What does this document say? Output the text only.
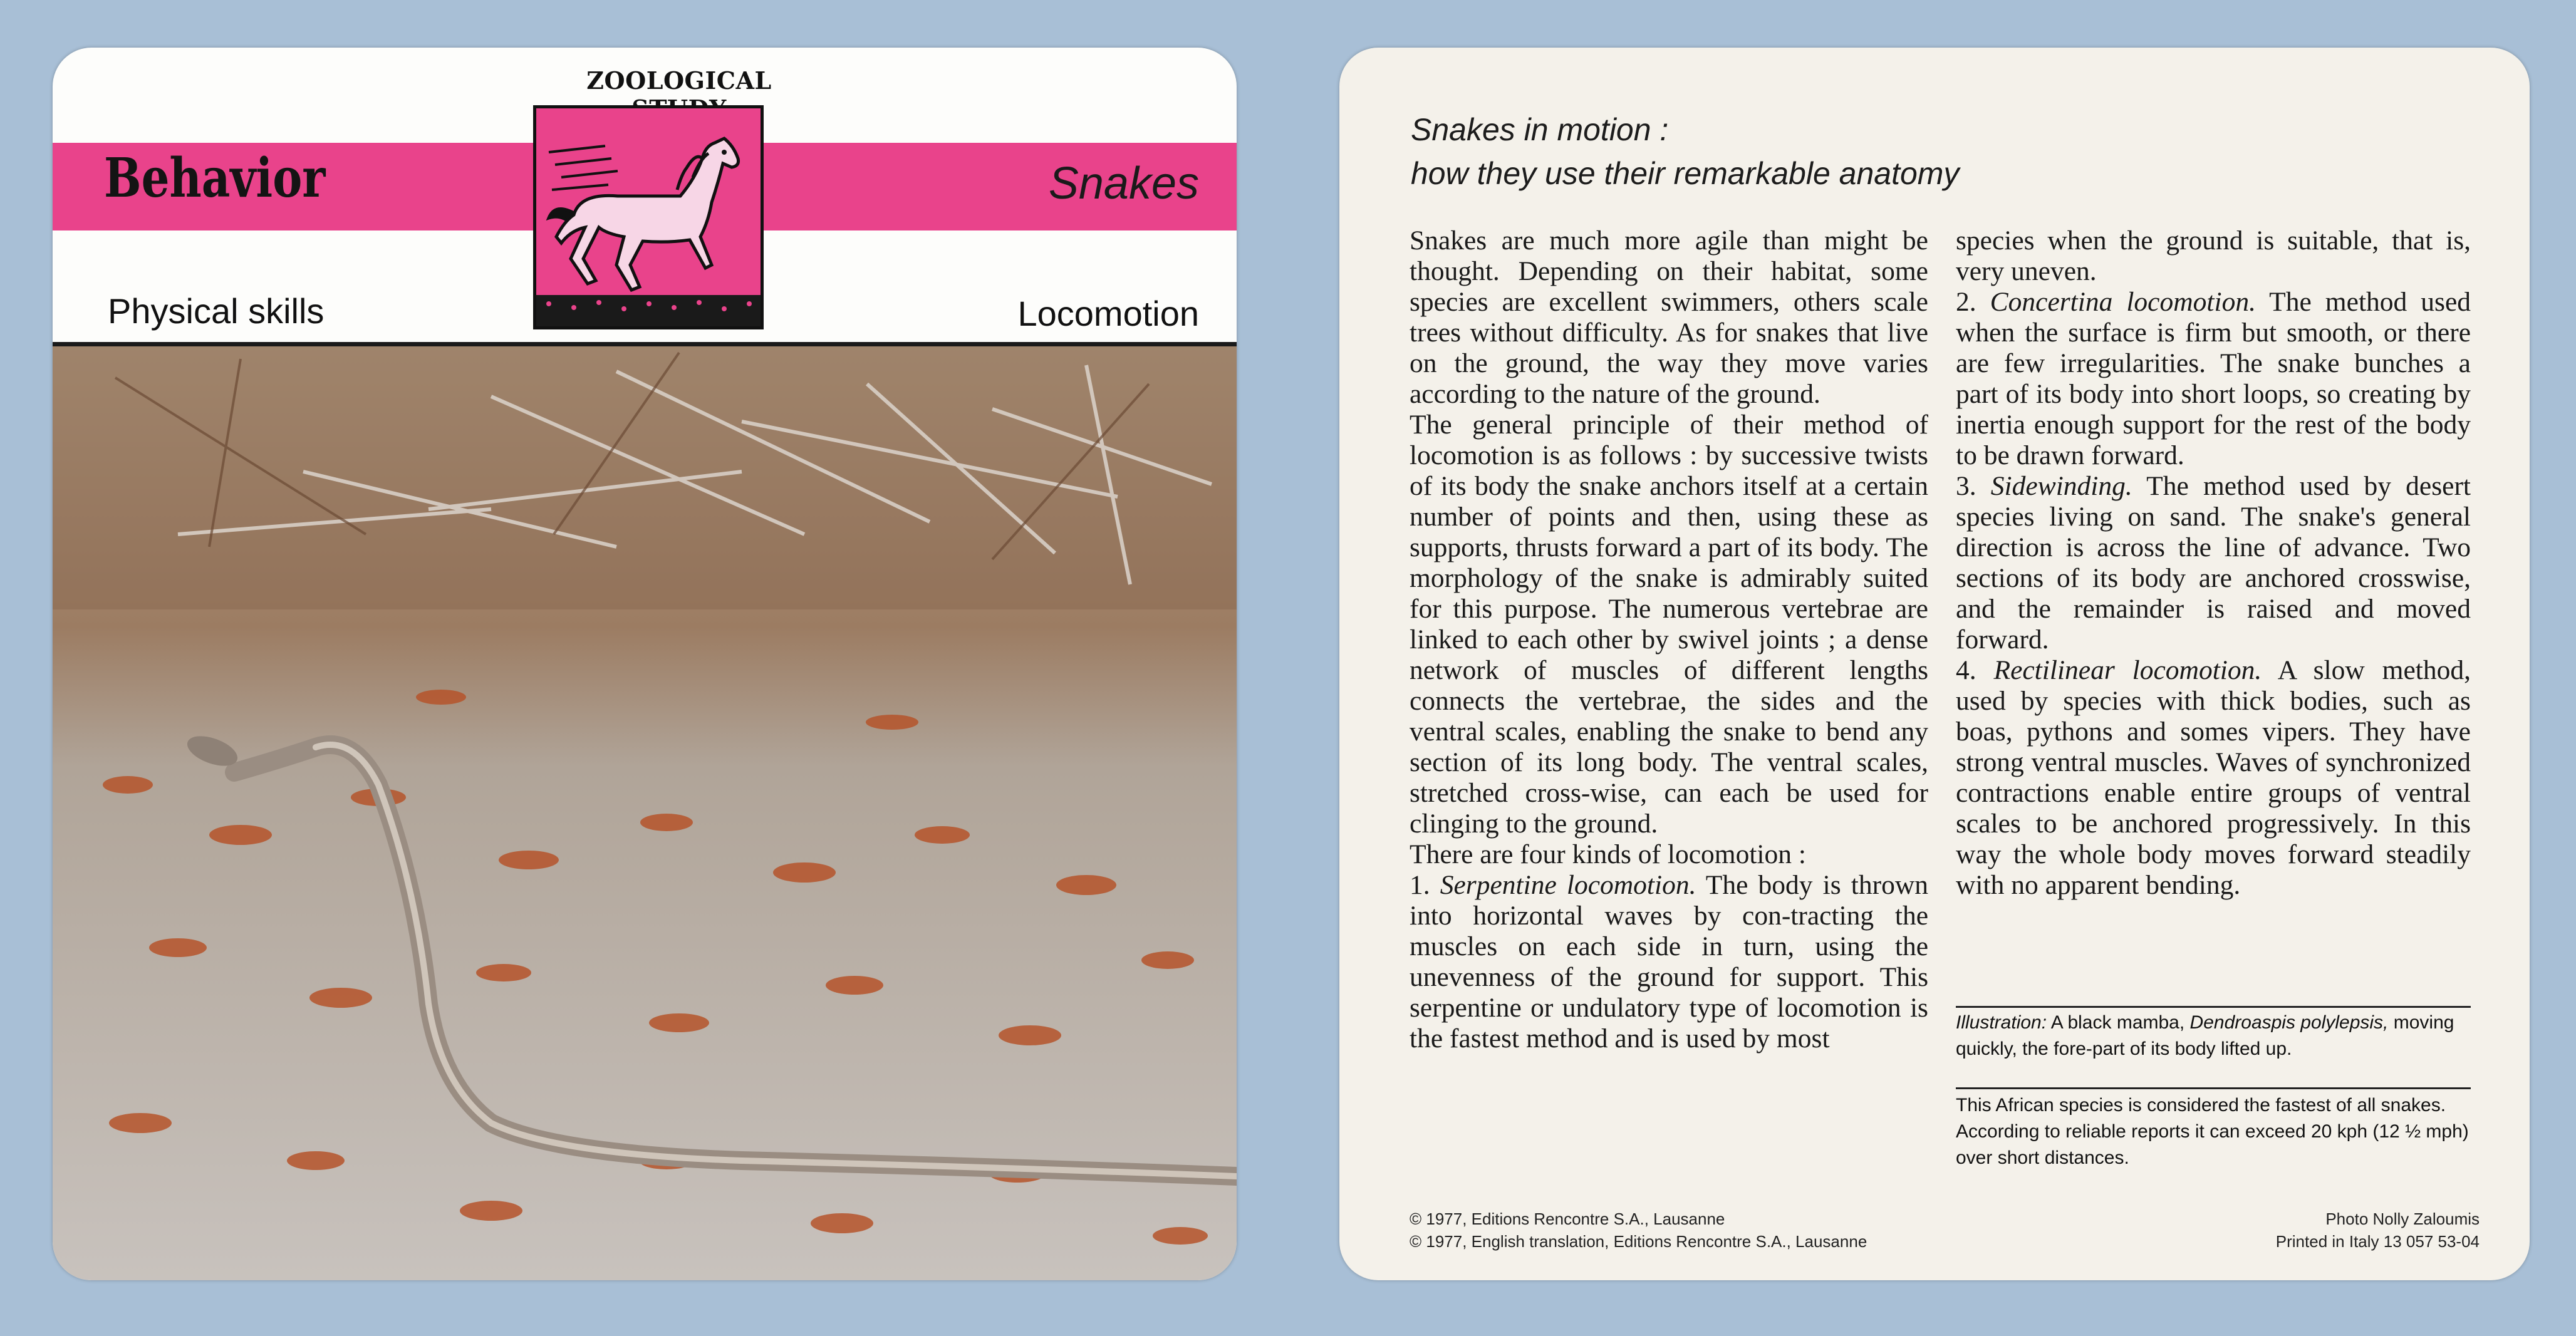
ZOOLOGICAL
Behavior	Snakes
Physical skills	Locomotion
Snakes in motion :
how they use their remarkable anatomy

Snakes are much more agile than might be thought. Depending on their habitat, some species are excellent swimmers, others scale trees without difficulty. As for snakes that live on the ground, the way they move varies according to the nature of the ground.

The general principle of their method of locomotion is as follows : by successive twists of its body the snake anchors itself at a certain number of points and then, using these as supports, thrusts forward a part of its body. The morphology of the snake is admirably suited for this purpose. The numerous vertebrae are linked to each other by swivel joints ; a dense network of muscles of different lengths connects the vertebrae, the sides and the ventral scales, enabling the snake to bend any section of its long body. The ventral scales, stretched cross-wise, can each be used for clinging to the ground.

There are four kinds of locomotion :

1. Serpentine locomotion. The body is thrown into horizontal waves by con-tracting the muscles on each side in turn, using the unevenness of the ground for support. This serpentine or undulatory type of locomotion is the fastest method and is used by most

species when the ground is suitable, that is, very uneven.

2. Concertina locomotion. The method used when the surface is firm but smooth, or there are few irregularities. The snake bunches a part of its body into short loops, so creating by inertia enough support for the rest of the body to be drawn forward.

3. Sidewinding. The method used by desert species living on sand. The snake's general direction is across the line of advance. Two sections of its body are anchored crosswise, and the remainder is raised and moved forward.

4. Rectilinear locomotion. A slow method, used by species with thick bodies, such as boas, pythons and somes vipers. They have strong ventral muscles. Waves of synchronized contractions enable entire groups of ventral scales to be anchored progressively. In this way the whole body moves forward steadily with no apparent bending.

Illustration: A black mamba, Dendroaspis polylepsis, moving quickly, the fore-part of its body lifted up.
This African species is considered the fastest of all snakes. According to reliable reports it can exceed 20 kph (12 ½ mph) over short distances.
© 1977, Editions Rencontre S.A., Lausanne
© 1977, English translation, Editions Rencontre S.A., Lausanne
Photo Nolly Zaloumis
Printed in Italy 13 057 53-04
